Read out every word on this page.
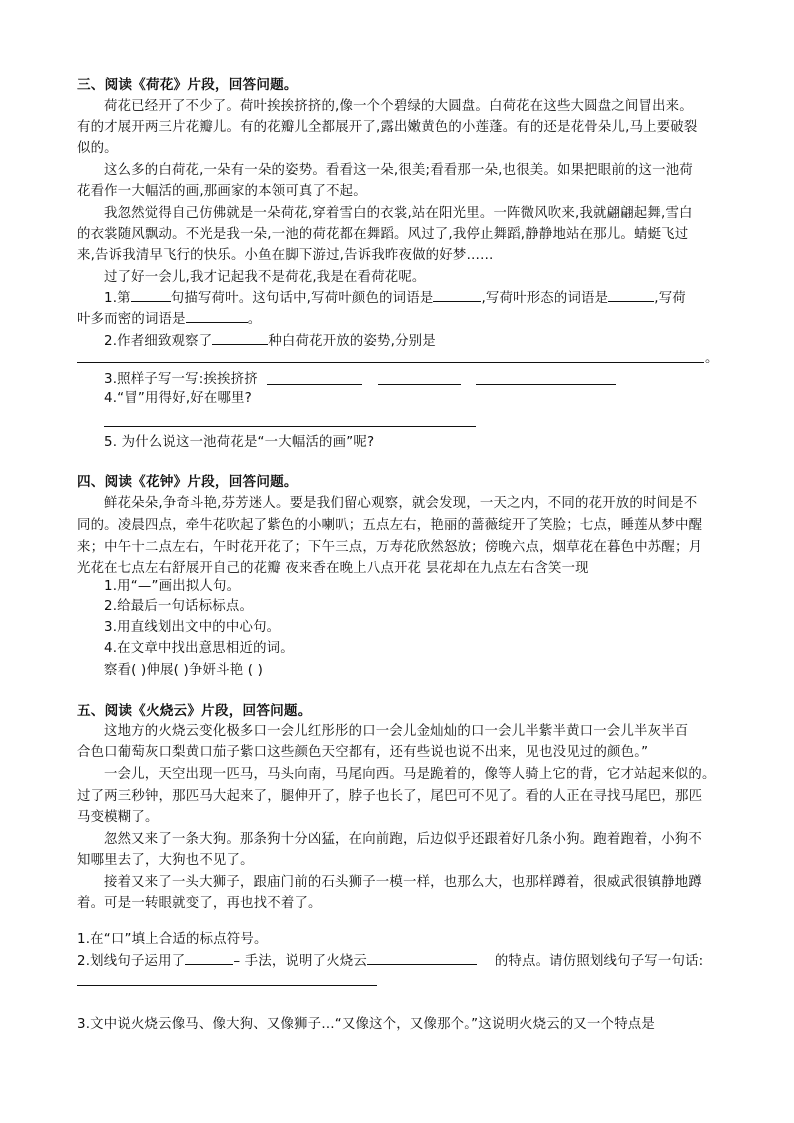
三、阅读《荷花》片段，回答问题。
荷花已经开了不少了。荷叶挨挨挤挤的,像一个个碧绿的大圆盘。白荷花在这些大圆盘之间冒出来。
有的才展开两三片花瓣儿。有的花瓣儿全都展开了,露出嫩黄色的小莲蓬。有的还是花骨朵儿,马上要破裂
似的。
这么多的白荷花,一朵有一朵的姿势。看看这一朵,很美;看看那一朵,也很美。如果把眼前的这一池荷
花看作一大幅活的画,那画家的本领可真了不起。
我忽然觉得自己仿佛就是一朵荷花,穿着雪白的衣裳,站在阳光里。一阵微风吹来,我就翩翩起舞,雪白
的衣裳随风飘动。不光是我一朵,一池的荷花都在舞蹈。风过了,我停止舞蹈,静静地站在那儿。蜻蜓飞过
来,告诉我清早飞行的快乐。小鱼在脚下游过,告诉我昨夜做的好梦……
过了好一会儿,我才记起我不是荷花,我是在看荷花呢。
1.第	句描写荷叶。这句话中,写荷叶颜色的词语是	,写荷叶形态的词语是	,写荷
叶多而密的词语是	。
2.作者细致观察了	种白荷花开放的姿势,分别是
。
3.照样子写一写:挨挨挤挤
4.“冒”用得好,好在哪里?
5. 为什么说这一池荷花是“一大幅活的画”呢?
四、阅读《花钟》片段，回答问题。
鲜花朵朵,争奇斗艳,芬芳迷人。要是我们留心观察，就会发现，一天之内，不同的花开放的时间是不
同的。凌晨四点，牵牛花吹起了紫色的小喇叭；五点左右，艳丽的蔷薇绽开了笑脸；七点，睡莲从梦中醒
来；中午十二点左右，午时花开花了；下午三点，万寿花欣然怒放；傍晚六点，烟草花在暮色中苏醒；月
光花在七点左右舒展开自己的花瓣 夜来香在晚上八点开花 昙花却在九点左右含笑一现
1.用“—”画出拟人句。
2.给最后一句话标标点。
3.用直线划出文中的中心句。
4.在文章中找出意思相近的词。
察看( )伸展( )争妍斗艳 ( )
五、阅读《火烧云》片段，回答问题。
这地方的火烧云变化极多口一会儿红彤彤的口一会儿金灿灿的口一会儿半紫半黄口一会儿半灰半百
合色口葡萄灰口梨黄口茄子紫口这些颜色天空都有，还有些说也说不出来，见也没见过的颜色。”
一会儿，天空出现一匹马，马头向南，马尾向西。马是跪着的，像等人骑上它的背，它才站起来似的。
过了两三秒钟，那匹马大起来了，腿伸开了，脖子也长了，尾巴可不见了。看的人正在寻找马尾巴，那匹
马变模糊了。
忽然又来了一条大狗。那条狗十分凶猛，在向前跑，后边似乎还跟着好几条小狗。跑着跑着，小狗不
知哪里去了，大狗也不见了。
接着又来了一头大狮子，跟庙门前的石头狮子一模一样，也那么大，也那样蹲着，很威武很镇静地蹲
着。可是一转眼就变了，再也找不着了。
1.在“口”填上合适的标点符号。
2.划线句子运用了	– 手法，说明了火烧云	的特点。请仿照划线句子写一句话:
3.文中说火烧云像马、像大狗、又像狮子…“又像这个，又像那个。”这说明火烧云的又一个特点是
